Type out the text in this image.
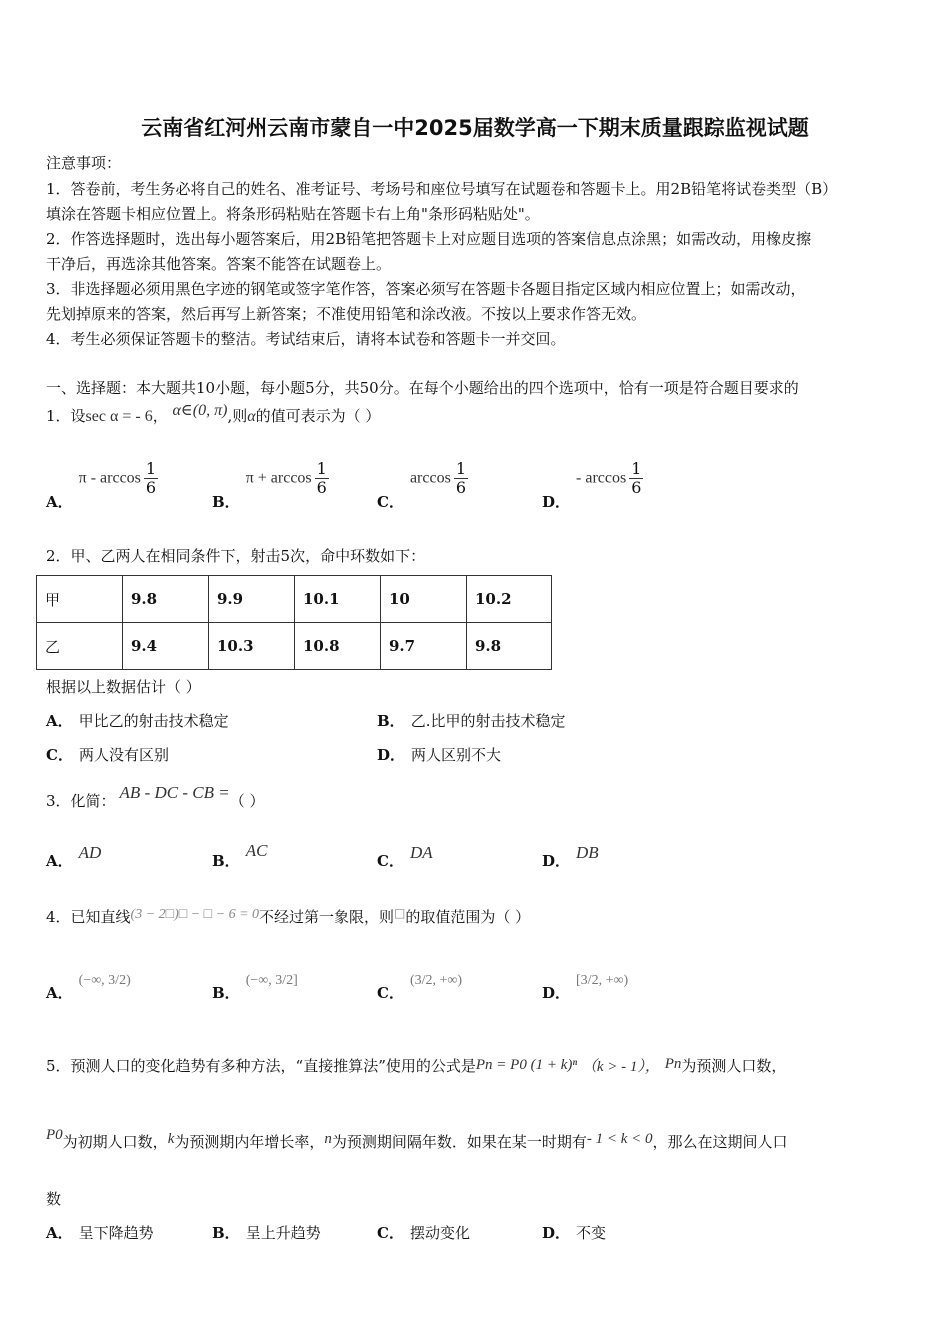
云南省红河州云南市蒙自一中2025届数学高一下期末质量跟踪监视试题
注意事项：
1．答卷前，考生务必将自己的姓名、准考证号、考场号和座位号填写在试题卷和答题卡上。用2B铅笔将试卷类型（B）
填涂在答题卡相应位置上。将条形码粘贴在答题卡右上角"条形码粘贴处"。
2．作答选择题时，选出每小题答案后，用2B铅笔把答题卡上对应题目选项的答案信息点涂黑；如需改动，用橡皮擦
干净后，再选涂其他答案。答案不能答在试题卷上。
3．非选择题必须用黑色字迹的钢笔或签字笔作答，答案必须写在答题卡各题目指定区域内相应位置上；如需改动，
先划掉原来的答案，然后再写上新答案；不准使用铅笔和涂改液。不按以上要求作答无效。
4．考生必须保证答题卡的整洁。考试结束后，请将本试卷和答题卡一并交回。
一、选择题：本大题共10小题，每小题5分，共50分。在每个小题给出的四个选项中，恰有一项是符合题目要求的
1．设sec α = - 6， α∈(0, π),则α的值可表示为（ ）
A．π - $\arccos \frac{1}{6}$
B．$\pi + \arccos \frac{1}{6}$
C．$\arccos \frac{1}{6}$
D．- $\arccos \frac{1}{6}$
2．甲、乙两人在相同条件下，射击5次，命中环数如下：
甲	9.8	9.9	10.1	10	10.2
乙	9.4	10.3	10.8	9.7	9.8
根据以上数据估计（ ）
A． 甲比乙的射击技术稳定	B． 乙.比甲的射击技术稳定
C． 两人没有区别	D． 两人区别不大
3．化简： AB - DC - CB =（ ）
A． AD	B．AC
C． DA	D． DB
4．已知直线(3 − 2□)□ − □ − 6 = 0不经过第一象限，则□的取值范围为（ ）
A．(−∞, 3/2)
B．(−∞, 3/2]
C．(3/2, +∞)
D．[3/2, +∞)
5．预测人口的变化趋势有多种方法，“直接推算法”使用的公式是Pn = P0 (1 + k)ⁿ （k > - 1）， Pn为预测人口数，
P0为初期人口数，k为预测期内年增长率，n为预测期间隔年数．如果在某一时期有- 1 < k < 0，那么在这期间人口
数
A． 呈下降趋势	B． 呈上升趋势	C． 摆动变化	D． 不变
